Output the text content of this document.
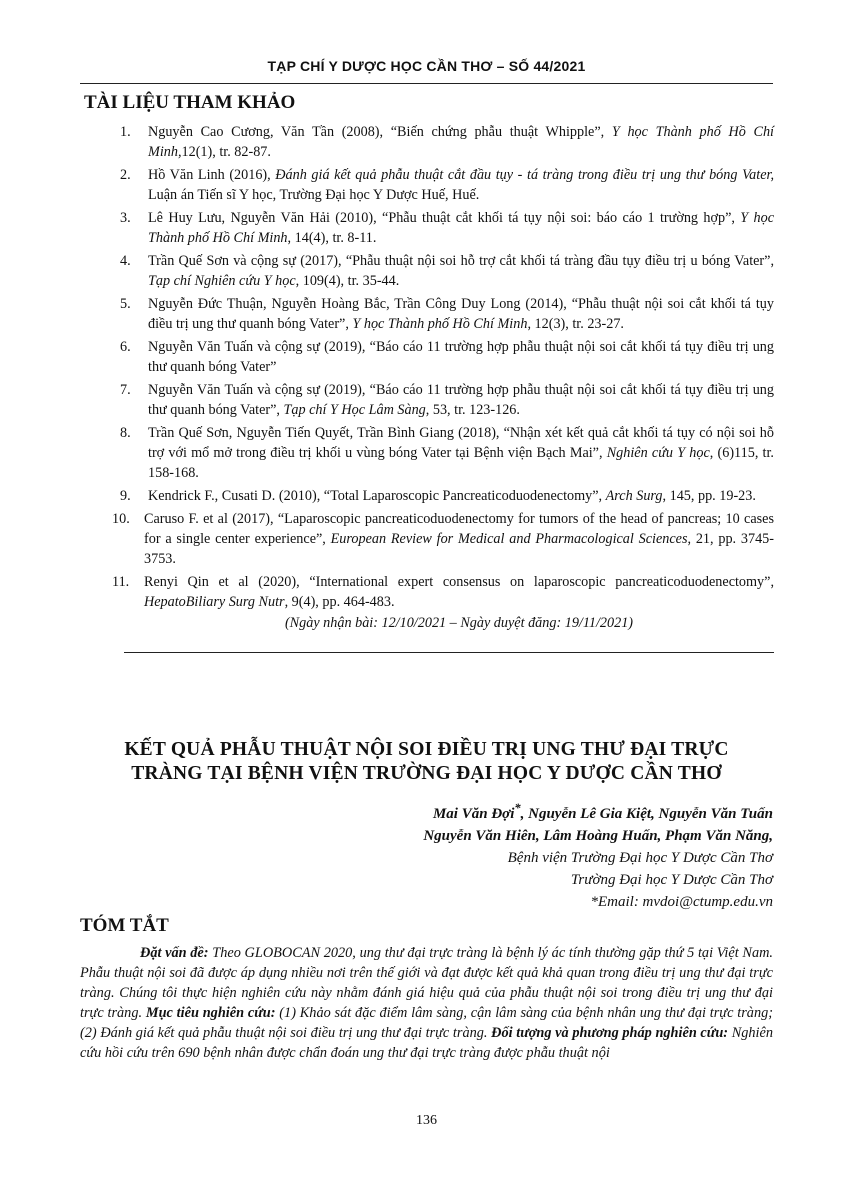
TẠP CHÍ Y DƯỢC HỌC CẦN THƠ – SỐ 44/2021
TÀI LIỆU THAM KHẢO
1. Nguyễn Cao Cương, Văn Tần (2008), “Biến chứng phẫu thuật Whipple”, Y học Thành phố Hồ Chí Minh,12(1), tr. 82-87.
2. Hồ Văn Linh (2016), Đánh giá kết quả phẫu thuật cắt đầu tụy - tá tràng trong điều trị ung thư bóng Vater, Luận án Tiến sĩ Y học, Trường Đại học Y Dược Huế, Huế.
3. Lê Huy Lưu, Nguyễn Văn Hải (2010), “Phẫu thuật cắt khối tá tụy nội soi: báo cáo 1 trường hợp”, Y học Thành phố Hồ Chí Minh, 14(4), tr. 8-11.
4. Trần Quế Sơn và cộng sự (2017), “Phẫu thuật nội soi hỗ trợ cắt khối tá tràng đầu tụy điều trị u bóng Vater”, Tạp chí Nghiên cứu Y học, 109(4), tr. 35-44.
5. Nguyễn Đức Thuận, Nguyễn Hoàng Bắc, Trần Công Duy Long (2014), “Phẫu thuật nội soi cắt khối tá tụy điều trị ung thư quanh bóng Vater”, Y học Thành phố Hồ Chí Minh, 12(3), tr. 23-27.
6. Nguyễn Văn Tuấn và cộng sự (2019), “Báo cáo 11 trường hợp phẫu thuật nội soi cắt khối tá tụy điều trị ung thư quanh bóng Vater”
7. Nguyễn Văn Tuấn và cộng sự (2019), “Báo cáo 11 trường hợp phẫu thuật nội soi cắt khối tá tụy điều trị ung thư quanh bóng Vater”, Tạp chí Y Học Lâm Sàng, 53, tr. 123-126.
8. Trần Quế Sơn, Nguyễn Tiến Quyết, Trần Bình Giang (2018), “Nhận xét kết quả cắt khối tá tụy có nội soi hỗ trợ với mổ mở trong điều trị khối u vùng bóng Vater tại Bệnh viện Bạch Mai”, Nghiên cứu Y học, (6)115, tr. 158-168.
9. Kendrick F., Cusati D. (2010), “Total Laparoscopic Pancreaticoduodenectomy”, Arch Surg, 145, pp. 19-23.
10. Caruso F. et al (2017), “Laparoscopic pancreaticoduodenectomy for tumors of the head of pancreas; 10 cases for a single center experience”, European Review for Medical and Pharmacological Sciences, 21, pp. 3745-3753.
11. Renyi Qin et al (2020), “International expert consensus on laparoscopic pancreaticoduodenectomy”, HepatoBiliary Surg Nutr, 9(4), pp. 464-483.
(Ngày nhận bài: 12/10/2021 – Ngày duyệt đăng: 19/11/2021)
KẾT QUẢ PHẪU THUẬT NỘI SOI ĐIỀU TRỊ UNG THƯ ĐẠI TRỰC
TRÀNG TẠI BỆNH VIỆN TRƯỜNG ĐẠI HỌC Y DƯỢC CẦN THƠ
Mai Văn Đợi*, Nguyễn Lê Gia Kiệt, Nguyễn Văn Tuấn
Nguyễn Văn Hiên, Lâm Hoàng Huấn, Phạm Văn Năng,
Bệnh viện Trường Đại học Y Dược Cần Thơ
Trường Đại học Y Dược Cần Thơ
*Email: mvdoi@ctump.edu.vn
TÓM TẮT
Đặt vấn đề: Theo GLOBOCAN 2020, ung thư đại trực tràng là bệnh lý ác tính thường gặp thứ 5 tại Việt Nam. Phẫu thuật nội soi đã được áp dụng nhiều nơi trên thế giới và đạt được kết quả khả quan trong điều trị ung thư đại trực tràng. Chúng tôi thực hiện nghiên cứu này nhằm đánh giá hiệu quả của phẫu thuật nội soi trong điều trị ung thư đại trực tràng. Mục tiêu nghiên cứu: (1) Khảo sát đặc điểm lâm sàng, cận lâm sàng của bệnh nhân ung thư đại trực tràng; (2) Đánh giá kết quả phẫu thuật nội soi điều trị ung thư đại trực tràng. Đối tượng và phương pháp nghiên cứu: Nghiên cứu hồi cứu trên 690 bệnh nhân được chẩn đoán ung thư đại trực tràng được phẫu thuật nội
136
